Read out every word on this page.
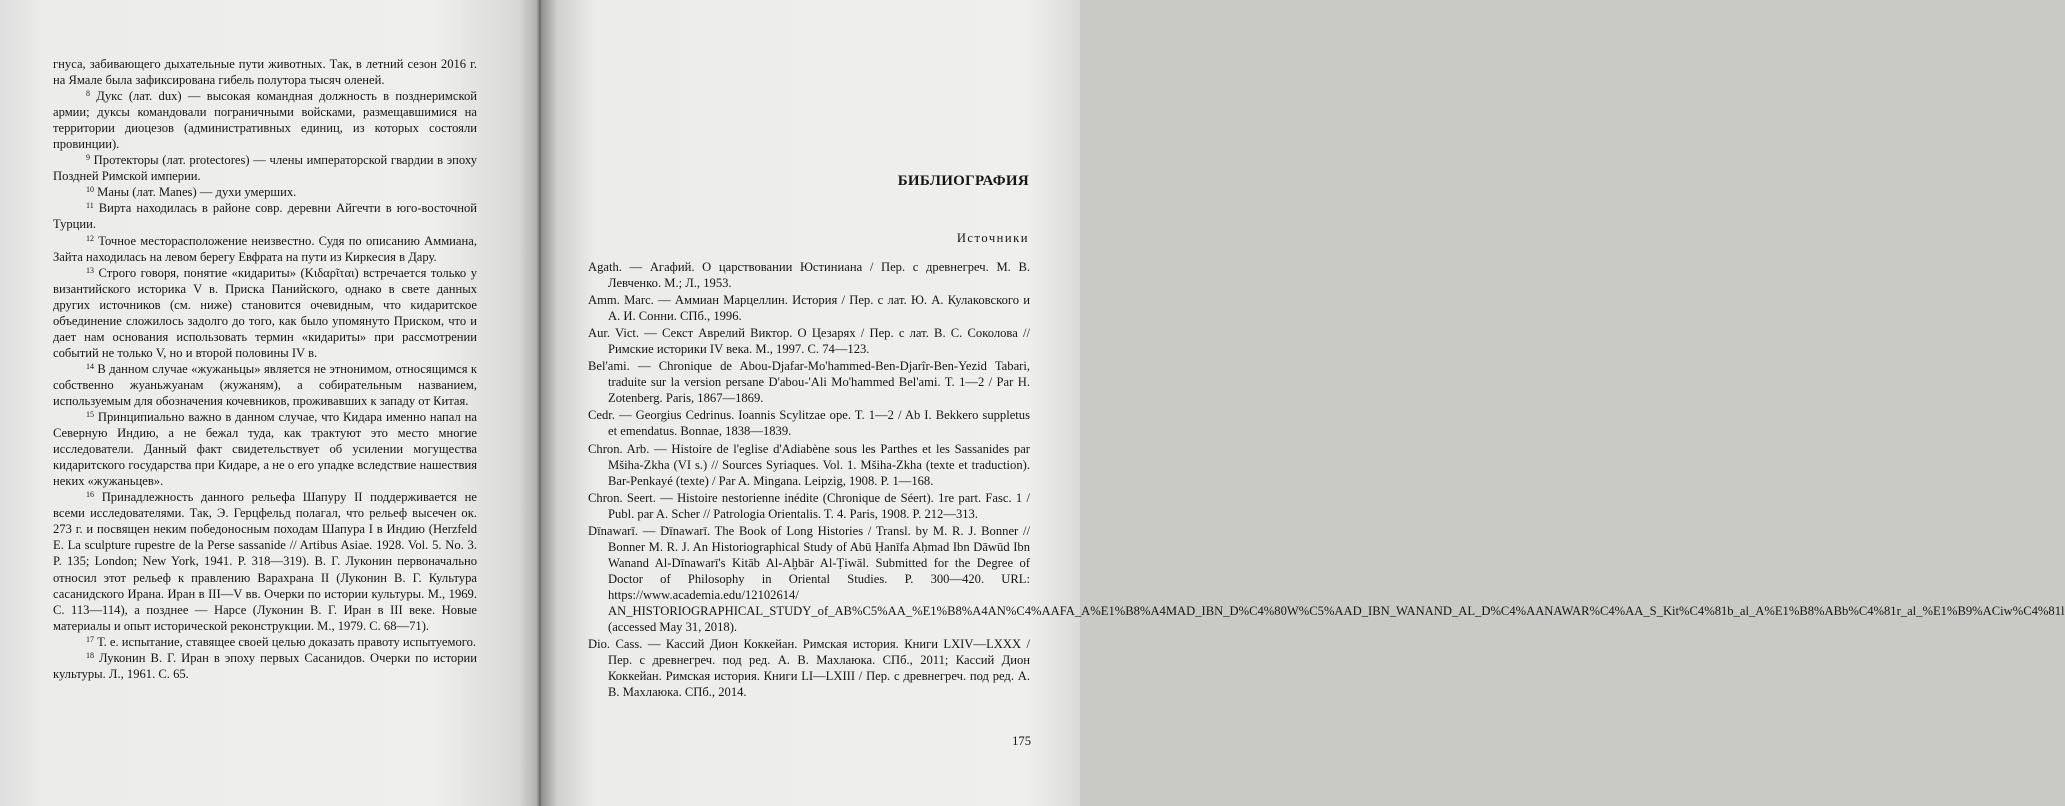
гнуса, забивающего дыхательные пути животных. Так, в летний сезон 2016 г. на Ямале была зафиксирована гибель полутора тысяч оленей.

$^8$ Дукс (лат. dux) — высокая командная должность в позднеримской армии; дуксы командовали пограничными войсками, размещавшимися на территории диоцезов (административных единиц, из которых состояли провинции).

$^9$ Протекторы (лат. protectores) — члены императорской гвардии в эпоху Поздней Римской империи.

$^{10}$ Маны (лат. Manes) — духи умерших.

$^{11}$ Вирта находилась в районе совр. деревни Айгечти в юго-восточной Турции.

$^{12}$ Точное месторасположение неизвестно. Судя по описанию Аммиана, Зайта находилась на левом берегу Евфрата на пути из Киркесия в Дару.

$^{13}$ Строго говоря, понятие «кидариты» (Κιδαρῖται) встречается только у византийского историка V в. Приска Панийского, однако в свете данных других источников (см. ниже) становится очевидным, что кидаритское объединение сложилось задолго до того, как было упомянуто Приском, что и дает нам основания использовать термин «кидариты» при рассмотрении событий не только V, но и второй половины IV в.

$^{14}$ В данном случае «жужаньцы» является не этнонимом, относящимся к собственно жуаньжуанам (жужаням), а собирательным названием, используемым для обозначения кочевников, проживавших к западу от Китая.

$^{15}$ Принципиально важно в данном случае, что Кидара именно напал на Северную Индию, а не бежал туда, как трактуют это место многие исследователи. Данный факт свидетельствует об усилении могущества кидаритского государства при Кидаре, а не о его упадке вследствие нашествия неких «жужаньцев».

$^{16}$ Принадлежность данного рельефа Шапуру II поддерживается не всеми исследователями. Так, Э. Герцфельд полагал, что рельеф высечен ок. 273 г. и посвящен неким победоносным походам Шапура I в Индию (Herzfeld E. La sculpture rupestre de la Perse sassanide // Artibus Asiae. 1928. Vol. 5. No. 3. P. 135; London; New York, 1941. P. 318—319). В. Г. Луконин первоначально относил этот рельеф к правлению Варахрана II (Луконин В. Г. Культура сасанидского Ирана. Иран в III—V вв. Очерки по истории культуры. М., 1969. С. 113—114), а позднее — Нарсе (Луконин В. Г. Иран в III веке. Новые материалы и опыт исторической реконструкции. М., 1979. С. 68—71).

$^{17}$ Т. е. испытание, ставящее своей целью доказать правоту испытуемого.

$^{18}$ Луконин В. Г. Иран в эпоху первых Сасанидов. Очерки по истории культуры. Л., 1961. С. 65.

БИБЛИОГРАФИЯ
Источники
Agath. — Агафий. О царствовании Юстиниана / Пер. с древнегреч. М. В. Левченко. М.; Л., 1953.
Amm. Marc. — Аммиан Марцеллин. История / Пер. с лат. Ю. А. Кулаковского и А. И. Сонни. СПб., 1996.
Aur. Vict. — Секст Аврелий Виктор. О Цезарях / Пер. с лат. В. С. Соколова // Римские историки IV века. М., 1997. С. 74—123.
Bel'ami. — Chronique de Abou-Djafar-Mo'hammed-Ben-Djarîr-Ben-Yezid Tabari, traduite sur la version persane D'abou-'Ali Mo'hammed Bel'ami. T. 1—2 / Par H. Zotenberg. Paris, 1867—1869.
Cedr. — Georgius Cedrinus. Ioannis Scylitzae ope. T. 1—2 / Ab I. Bekkero suppletus et emendatus. Bonnae, 1838—1839.
Chron. Arb. — Histoire de l'eglise d'Adiabène sous les Parthes et les Sassanides par Mšiha-Zkha (VI s.) // Sources Syriaques. Vol. 1. Mšiha-Zkha (texte et traduction). Bar-Penkayé (texte) / Par A. Mingana. Leipzig, 1908. P. 1—168.
Chron. Seert. — Histoire nestorienne inédite (Chronique de Séert). 1re part. Fasc. 1 / Publ. par A. Scher // Patrologia Orientalis. T. 4. Paris, 1908. P. 212—313.
Dīnawarī. — Dīnawarī. The Book of Long Histories / Transl. by M. R. J. Bonner // Bonner M. R. J. An Historiographical Study of Abū Ḥanīfa Aḥmad Ibn Dāwūd Ibn Wanand Al-Dīnawarī's Kitāb Al-Aḫbār Al-Ṭiwāl. Submitted for the Degree of Doctor of Philosophy in Oriental Studies. P. 300—420. URL: https://www.academia.edu/12102614/ AN_HISTORIOGRAPHICAL_STUDY_of_AB%C5%AA_%E1%B8%A4AN%C4%AAFA_A%E1%B8%A4MAD_IBN_D%C4%80W%C5%AAD_IBN_WANAND_AL_D%C4%AANAWAR%C4%AA_S_Kit%C4%81b_al_A%E1%B8%ABb%C4%81r_al_%E1%B9%ACiw%C4%81l (accessed May 31, 2018).
Dio. Cass. — Кассий Дион Коккейан. Римская история. Книги LXIV—LXXX / Пер. с древнегреч. под ред. А. В. Махлаюка. СПб., 2011; Кассий Дион Коккейан. Римская история. Книги LI—LXIII / Пер. с древнегреч. под ред. А. В. Махлаюка. СПб., 2014.
175
